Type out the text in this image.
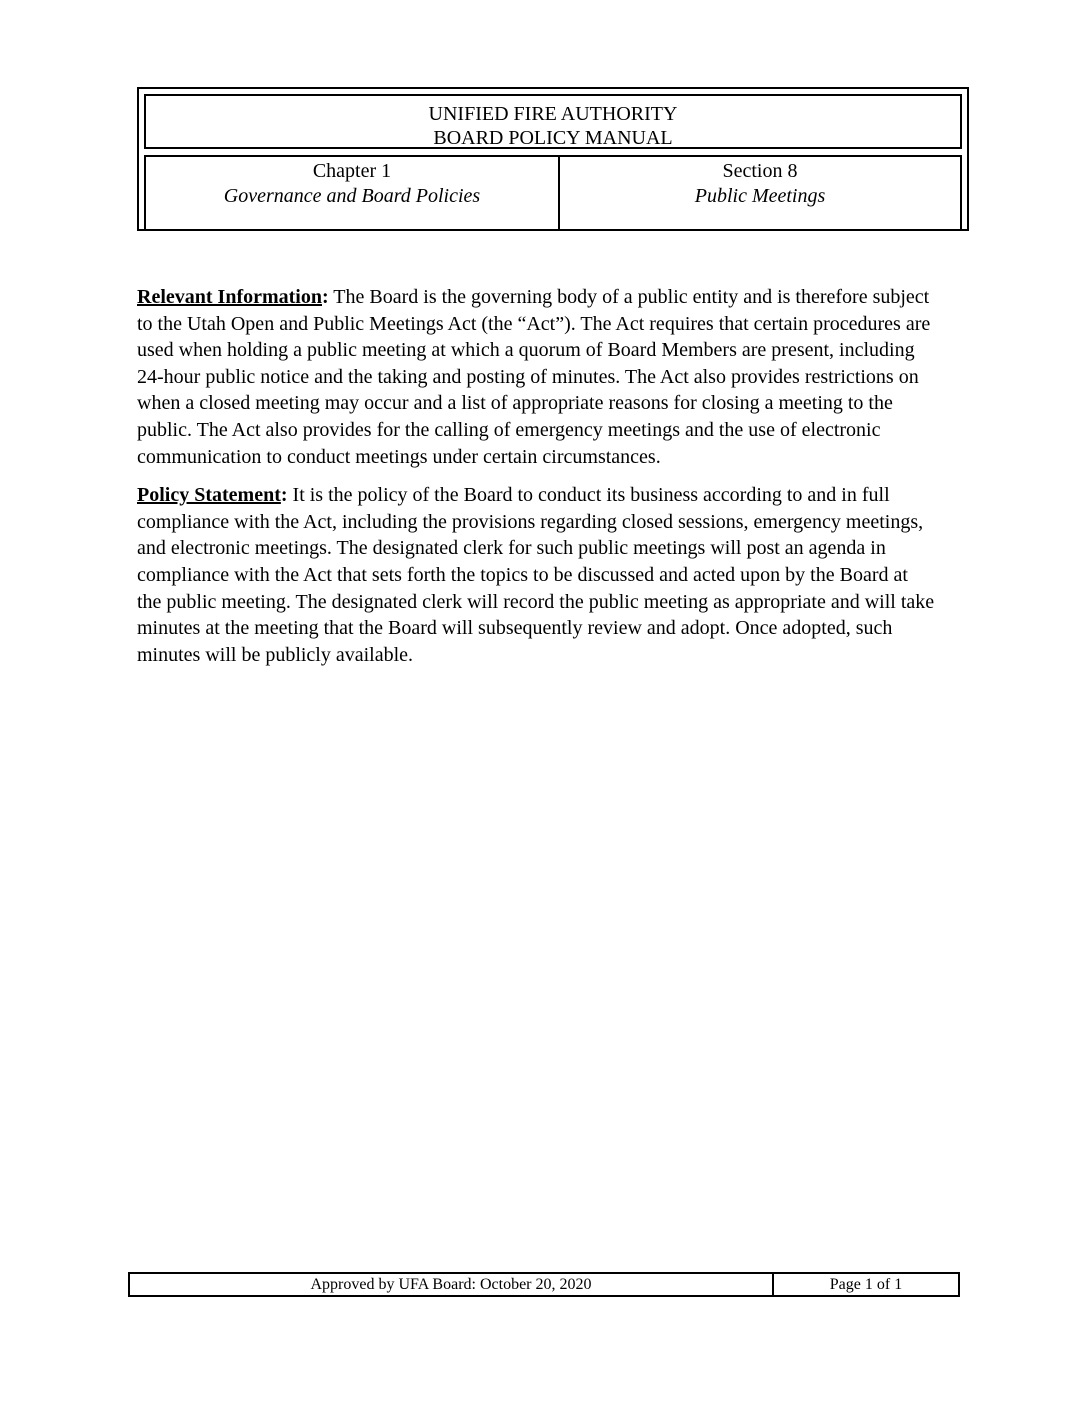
UNIFIED FIRE AUTHORITY
BOARD POLICY MANUAL
Chapter 1
Governance and Board Policies
Section 8
Public Meetings

Relevant Information: The Board is the governing body of a public entity and is therefore subject to the Utah Open and Public Meetings Act (the “Act”). The Act requires that certain procedures are used when holding a public meeting at which a quorum of Board Members are present, including 24-hour public notice and the taking and posting of minutes. The Act also provides restrictions on when a closed meeting may occur and a list of appropriate reasons for closing a meeting to the public. The Act also provides for the calling of emergency meetings and the use of electronic communication to conduct meetings under certain circumstances.

Policy Statement: It is the policy of the Board to conduct its business according to and in full compliance with the Act, including the provisions regarding closed sessions, emergency meetings, and electronic meetings. The designated clerk for such public meetings will post an agenda in compliance with the Act that sets forth the topics to be discussed and acted upon by the Board at the public meeting. The designated clerk will record the public meeting as appropriate and will take minutes at the meeting that the Board will subsequently review and adopt. Once adopted, such minutes will be publicly available.

Approved by UFA Board: October 20, 2020	Page 1 of 1
